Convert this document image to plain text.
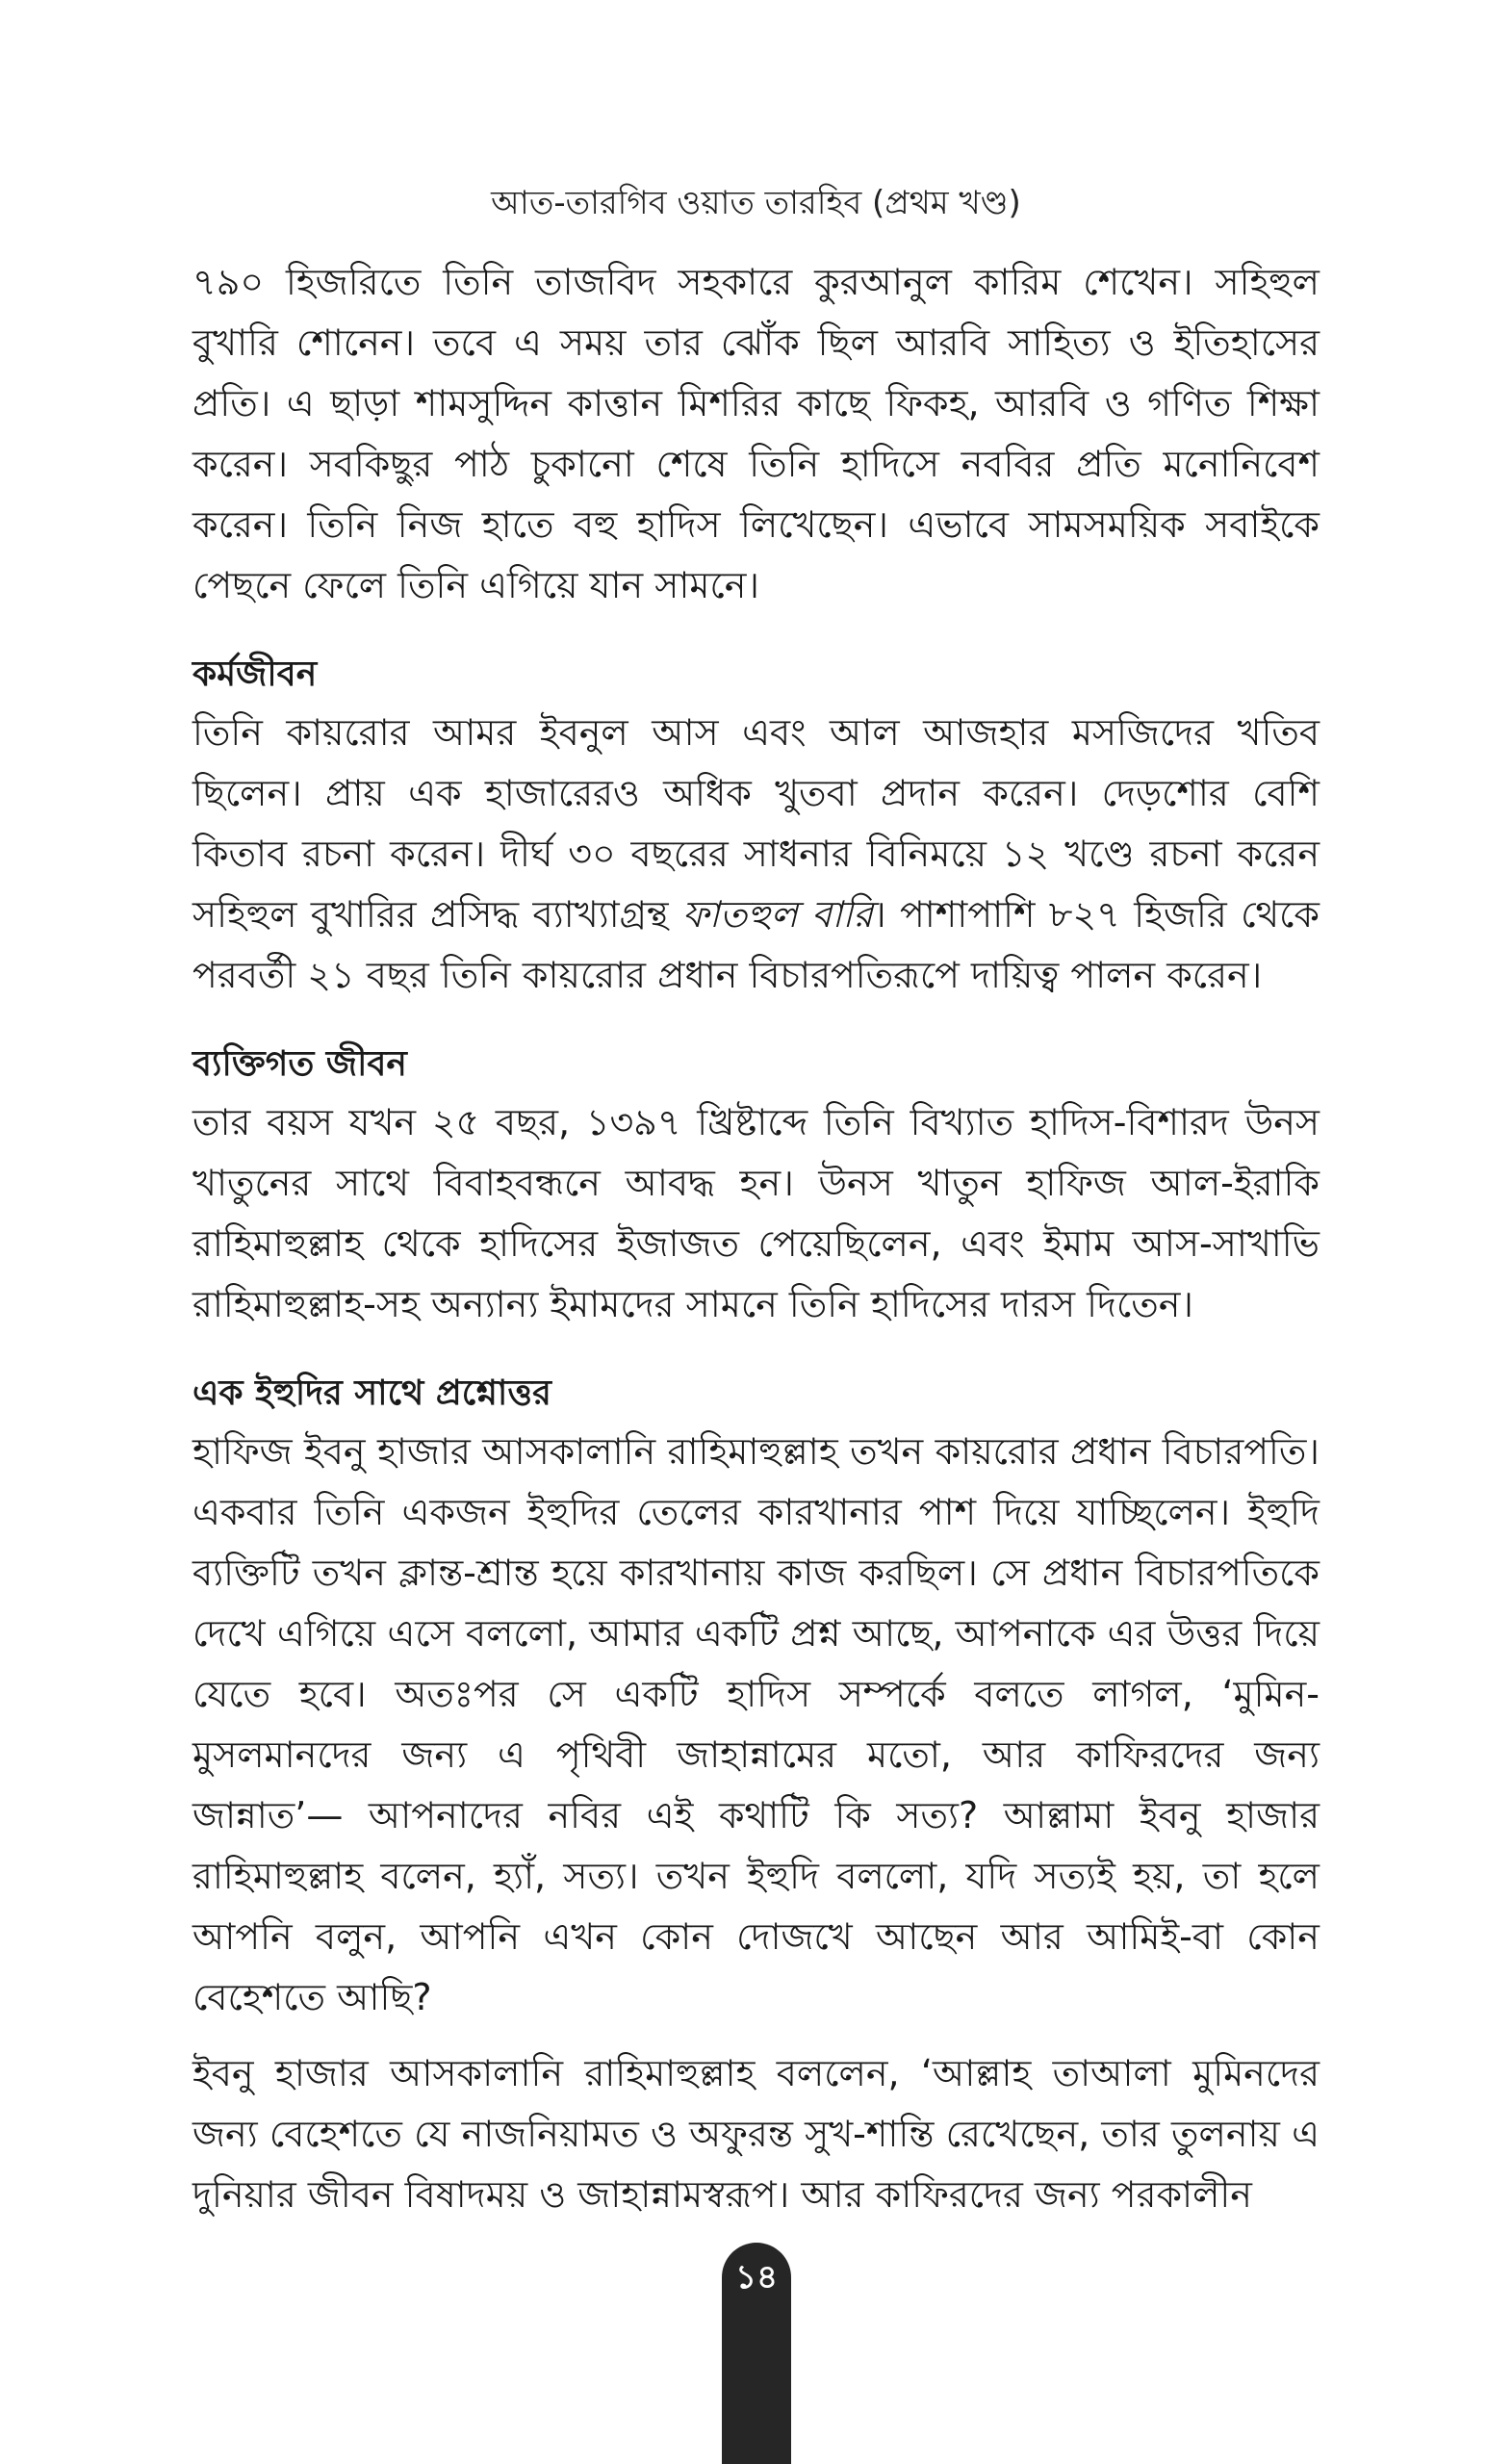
আত-তারগিব ওয়াত তারহিব (প্রথম খণ্ড)

৭৯০ হিজরিতে তিনি তাজবিদ সহকারে কুরআনুল কারিম শেখেন। সহিহুল বুখারি শোনেন। তবে এ সময় তার ঝোঁক ছিল আরবি সাহিত্য ও ইতিহাসের প্রতি। এ ছাড়া শামসুদ্দিন কাত্তান মিশরির কাছে ফিকহ, আরবি ও গণিত শিক্ষা করেন। সবকিছুর পাঠ চুকানো শেষে তিনি হাদিসে নববির প্রতি মনোনিবেশ করেন। তিনি নিজ হাতে বহু হাদিস লিখেছেন। এভাবে সামসময়িক সবাইকে পেছনে ফেলে তিনি এগিয়ে যান সামনে।

কর্মজীবন

তিনি কায়রোর আমর ইবনুল আস এবং আল আজহার মসজিদের খতিব ছিলেন। প্রায় এক হাজারেরও অধিক খুতবা প্রদান করেন। দেড়শোর বেশি কিতাব রচনা করেন। দীর্ঘ ৩০ বছরের সাধনার বিনিময়ে ১২ খণ্ডে রচনা করেন সহিহুল বুখারির প্রসিদ্ধ ব্যাখ্যাগ্রন্থ ফাতহুল বারি। পাশাপাশি ৮২৭ হিজরি থেকে পরবর্তী ২১ বছর তিনি কায়রোর প্রধান বিচারপতিরূপে দায়িত্ব পালন করেন।

ব্যক্তিগত জীবন

তার বয়স যখন ২৫ বছর, ১৩৯৭ খ্রিষ্টাব্দে তিনি বিখ্যাত হাদিস-বিশারদ উনস খাতুনের সাথে বিবাহবন্ধনে আবদ্ধ হন। উনস খাতুন হাফিজ আল-ইরাকি রাহিমাহুল্লাহ থেকে হাদিসের ইজাজত পেয়েছিলেন, এবং ইমাম আস-সাখাভি রাহিমাহুল্লাহ-সহ অন্যান্য ইমামদের সামনে তিনি হাদিসের দারস দিতেন।

এক ইহুদির সাথে প্রশ্নোত্তর

হাফিজ ইবনু হাজার আসকালানি রাহিমাহুল্লাহ তখন কায়রোর প্রধান বিচারপতি। একবার তিনি একজন ইহুদির তেলের কারখানার পাশ দিয়ে যাচ্ছিলেন। ইহুদি ব্যক্তিটি তখন ক্লান্ত-শ্রান্ত হয়ে কারখানায় কাজ করছিল। সে প্রধান বিচারপতিকে দেখে এগিয়ে এসে বললো, আমার একটি প্রশ্ন আছে, আপনাকে এর উত্তর দিয়ে যেতে হবে। অতঃপর সে একটি হাদিস সম্পর্কে বলতে লাগল, ‘মুমিন-মুসলমানদের জন্য এ পৃথিবী জাহান্নামের মতো, আর কাফিরদের জন্য জান্নাত’— আপনাদের নবির এই কথাটি কি সত্য? আল্লামা ইবনু হাজার রাহিমাহুল্লাহ বলেন, হ্যাঁ, সত্য। তখন ইহুদি বললো, যদি সত্যই হয়, তা হলে আপনি বলুন, আপনি এখন কোন দোজখে আছেন আর আমিই-বা কোন বেহেশতে আছি?

ইবনু হাজার আসকালানি রাহিমাহুল্লাহ বললেন, ‘আল্লাহ তাআলা মুমিনদের জন্য বেহেশতে যে নাজনিয়ামত ও অফুরন্ত সুখ-শান্তি রেখেছেন, তার তুলনায় এ দুনিয়ার জীবন বিষাদময় ও জাহান্নামস্বরূপ। আর কাফিরদের জন্য পরকালীন

১৪
